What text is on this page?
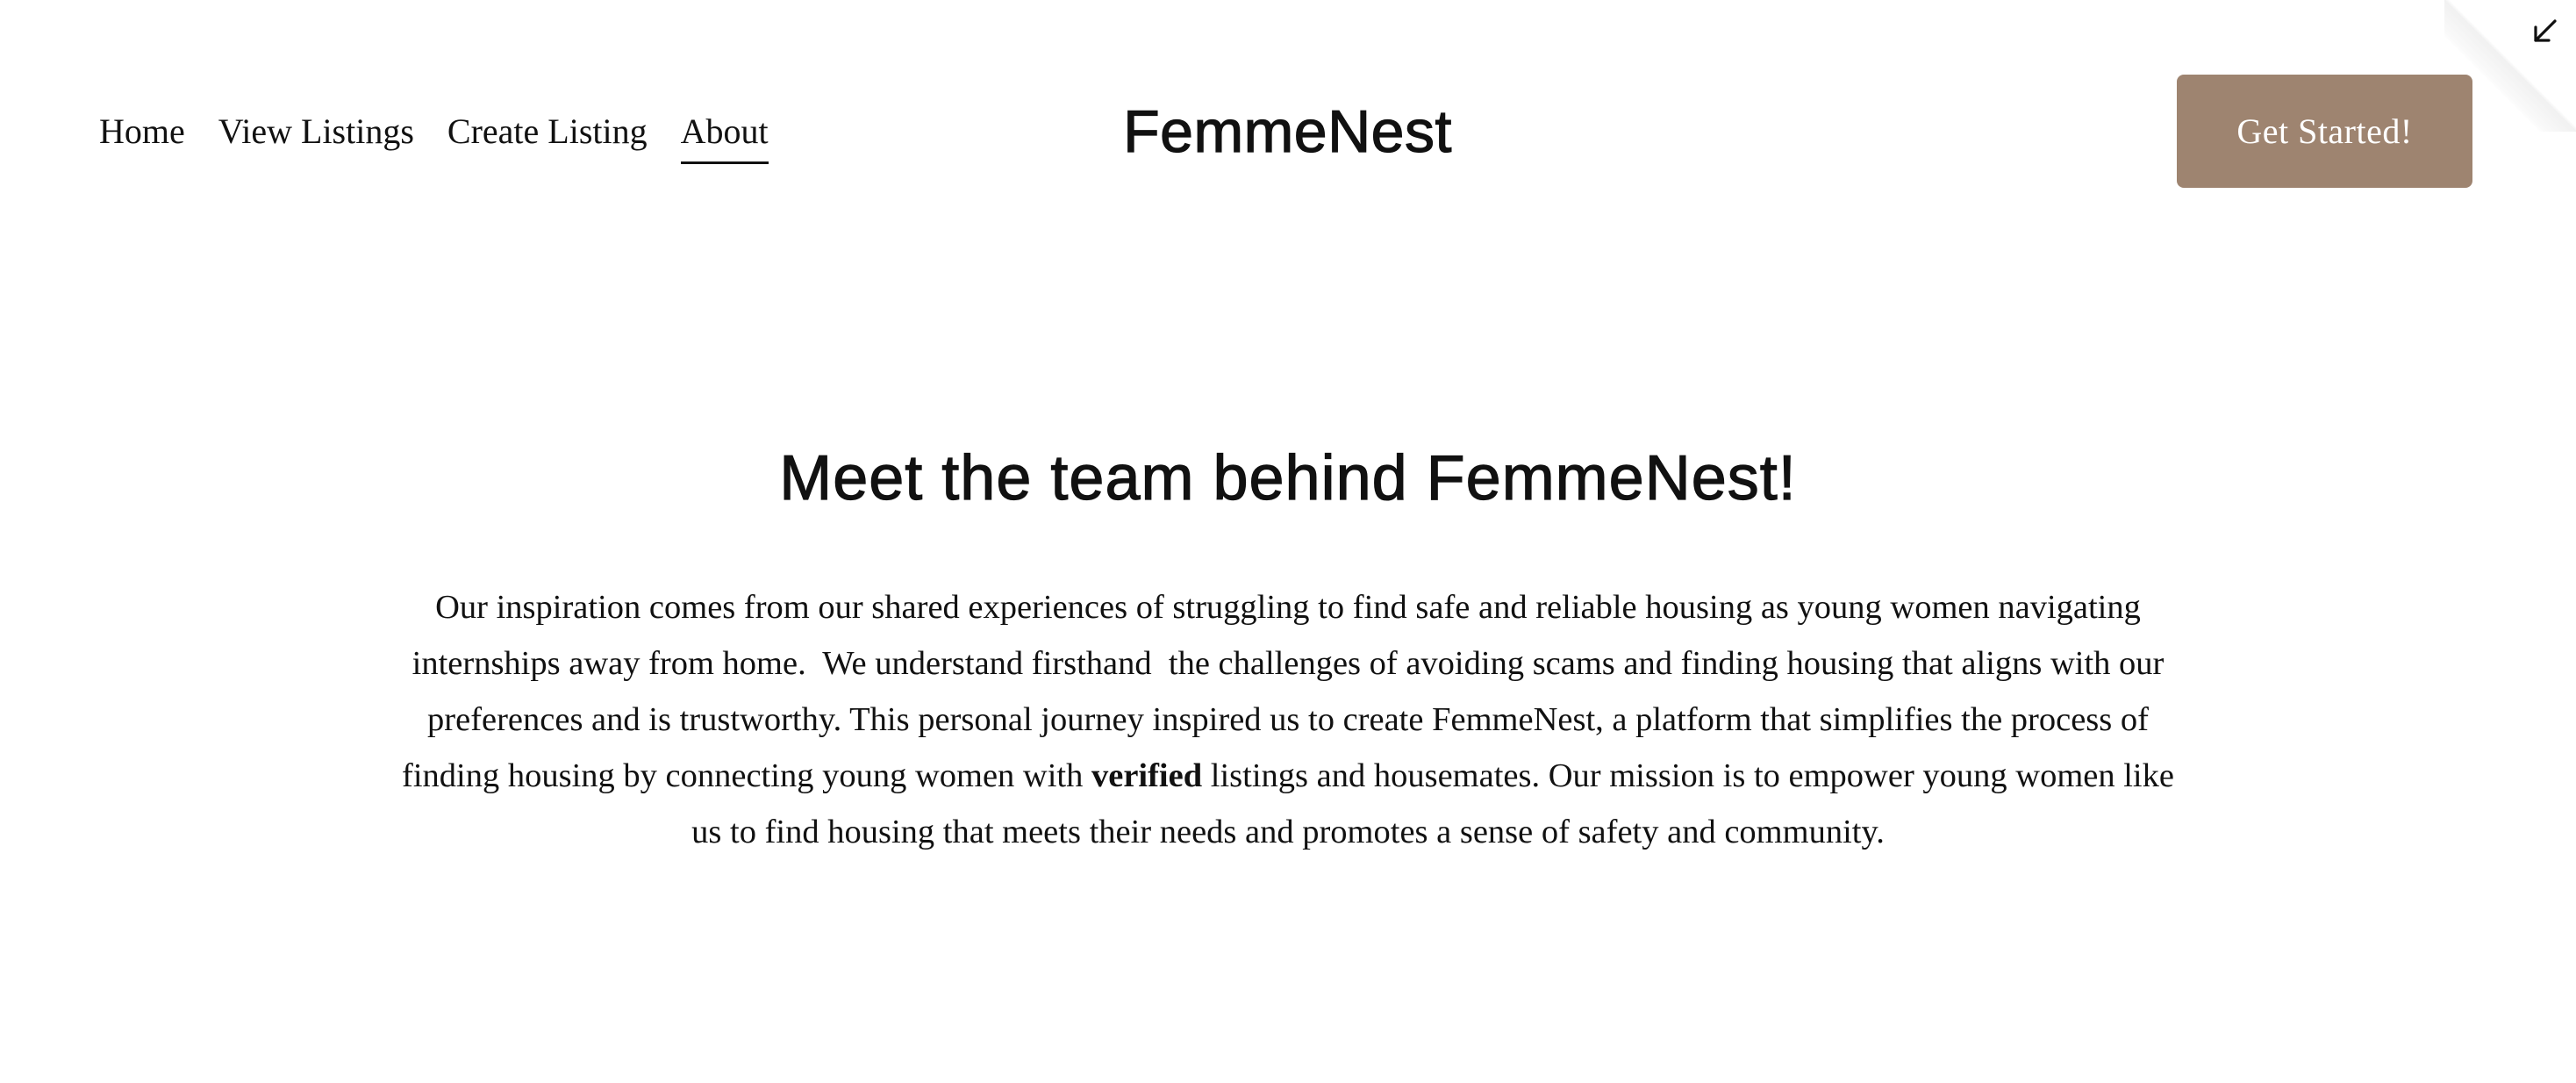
Home View Listings Create Listing About	FemmeNest	Get Started!
Meet the team behind FemmeNest!

Our inspiration comes from our shared experiences of struggling to find safe and reliable housing as young women navigating internships away from home.  We understand firsthand  the challenges of avoiding scams and finding housing that aligns with our preferences and is trustworthy. This personal journey inspired us to create FemmeNest, a platform that simplifies the process of finding housing by connecting young women with verified listings and housemates. Our mission is to empower young women like us to find housing that meets their needs and promotes a sense of safety and community.
